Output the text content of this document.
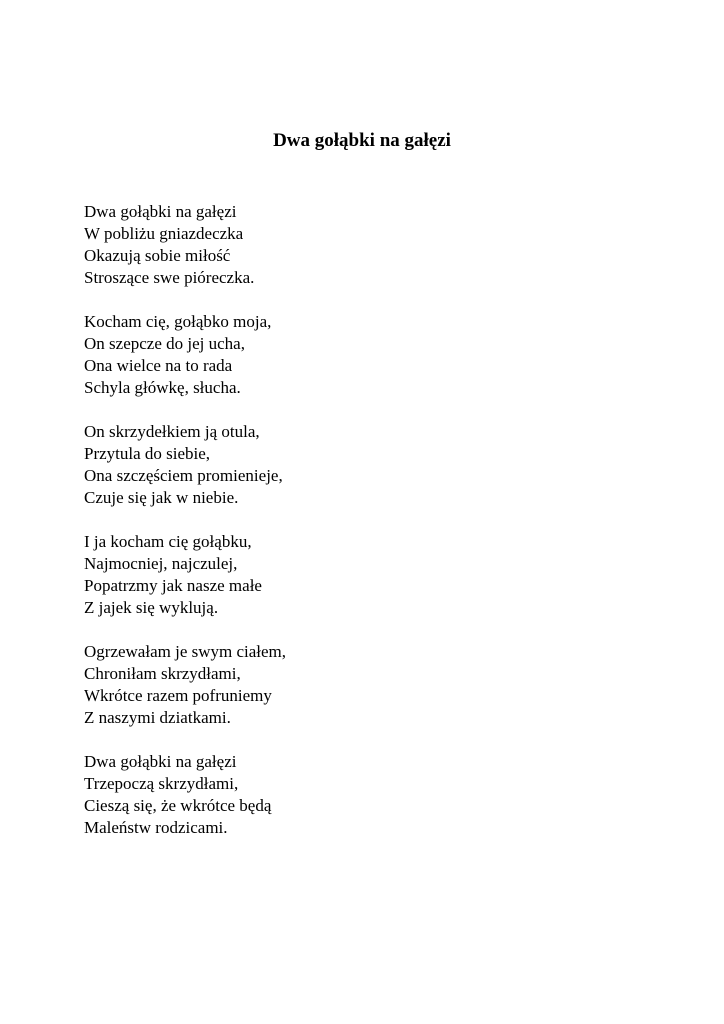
Dwa gołąbki na gałęzi
Dwa gołąbki na gałęzi
W pobliżu gniazdeczka
Okazują sobie miłość
Stroszące swe pióreczka.
Kocham cię, gołąbko moja,
On szepcze do jej ucha,
Ona wielce na to rada
Schyla główkę, słucha.
On skrzydełkiem ją otula,
Przytula do siebie,
Ona szczęściem promienieje,
Czuje się jak w niebie.
I ja kocham cię gołąbku,
Najmocniej, najczulej,
Popatrzmy jak nasze małe
Z jajek się wyklują.
Ogrzewałam je swym ciałem,
Chroniłam skrzydłami,
Wkrótce razem pofruniemy
Z naszymi dziatkami.
Dwa gołąbki na gałęzi
Trzepoczą skrzydłami,
Cieszą się, że wkrótce będą
Maleństw rodzicami.
